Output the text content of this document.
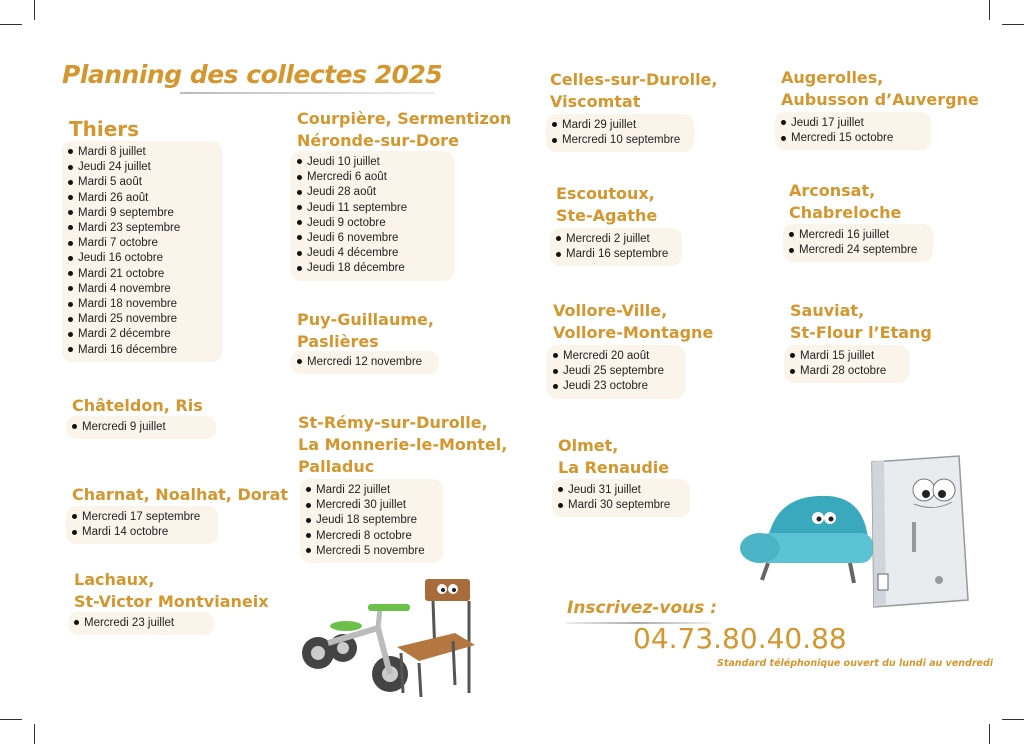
Planning des collectes 2025
Thiers
Mardi 8 juillet
Jeudi 24 juillet
Mardi 5 août
Mardi 26 août
Mardi 9 septembre
Mardi 23 septembre
Mardi 7 octobre
Jeudi 16 octobre
Mardi 21 octobre
Mardi 4 novembre
Mardi 18 novembre
Mardi 25 novembre
Mardi 2 décembre
Mardi 16 décembre
Châteldon, Ris
Mercredi 9 juillet
Charnat, Noalhat, Dorat
Mercredi 17 septembre
Mardi 14 octobre
Lachaux,
St-Victor Montvianeix
Mercredi 23 juillet
Courpière, Sermentizon
Néronde-sur-Dore
Jeudi 10 juillet
Mercredi 6 août
Jeudi 28 août
Jeudi 11 septembre
Jeudi 9 octobre
Jeudi 6 novembre
Jeudi 4 décembre
Jeudi 18 décembre
Puy-Guillaume,
Paslières
Mercredi 12 novembre
St-Rémy-sur-Durolle,
La Monnerie-le-Montel,
Palladuc
Mardi 22 juillet
Mercredi 30 juillet
Jeudi 18 septembre
Mercredi 8 octobre
Mercredi 5 novembre
Celles-sur-Durolle,
Viscomtat
Mardi 29 juillet
Mercredi 10 septembre
Escoutoux,
Ste-Agathe
Mercredi 2 juillet
Mardi 16 septembre
Vollore-Ville,
Vollore-Montagne
Mercredi 20 août
Jeudi 25 septembre
Jeudi 23 octobre
Olmet,
La Renaudie
Jeudi 31 juillet
Mardi 30 septembre
Augerolles,
Aubusson d’Auvergne
Jeudi 17 juillet
Mercredi 15 octobre
Arconsat,
Chabreloche
Mercredi 16 juillet
Mercredi 24 septembre
Sauviat,
St-Flour l’Etang
Mardi 15 juillet
Mardi 28 octobre
Inscrivez-vous :
04.73.80.40.88
Standard téléphonique ouvert du lundi au vendredi
